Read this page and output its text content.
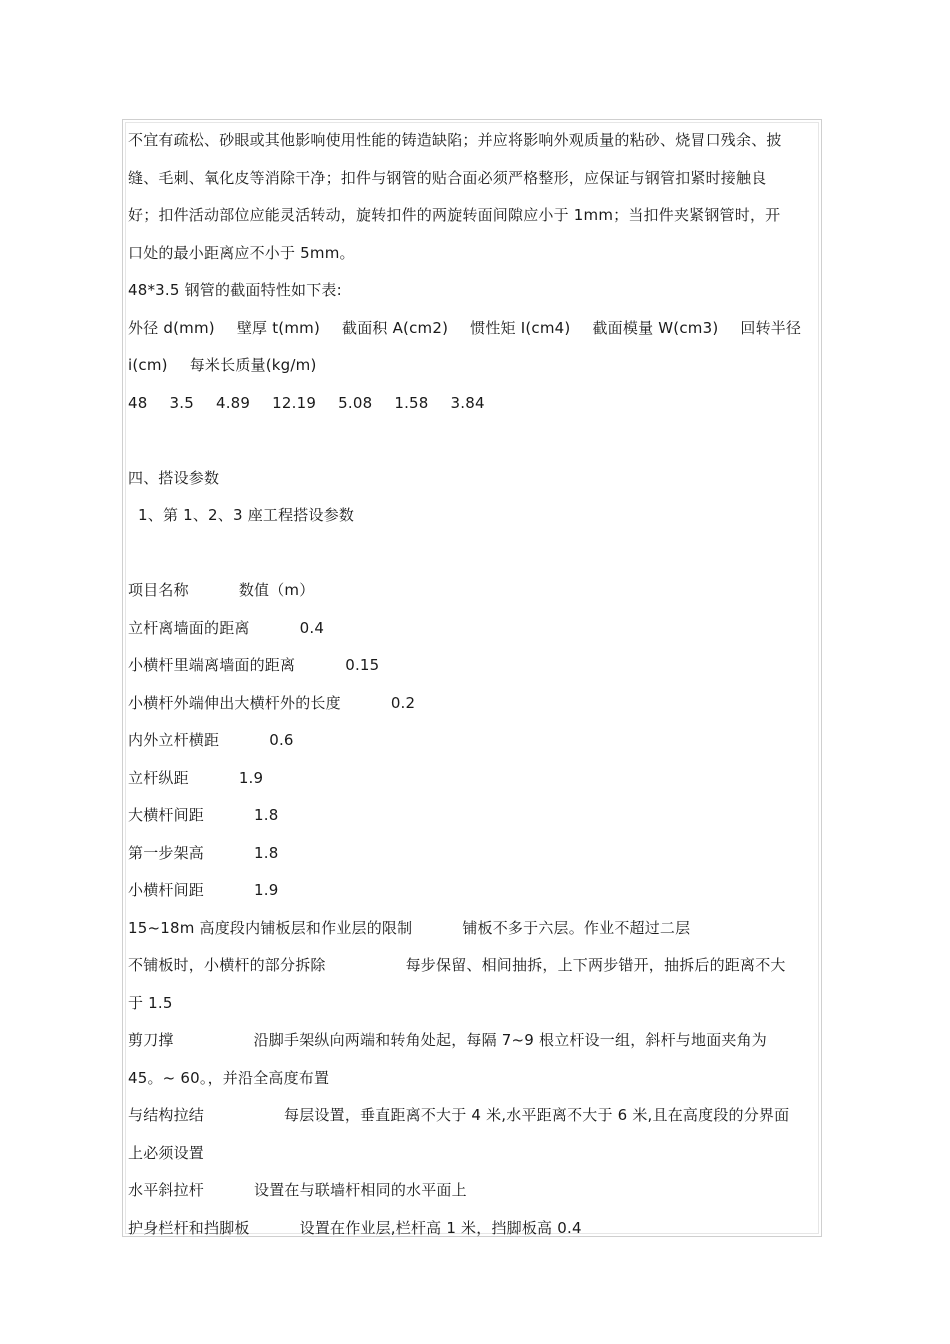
不宜有疏松、砂眼或其他影响使用性能的铸造缺陷；并应将影响外观质量的粘砂、烧冒口残余、披
缝、毛刺、氧化皮等消除干净；扣件与钢管的贴合面必须严格整形，应保证与钢管扣紧时接触良
好；扣件活动部位应能灵活转动，旋转扣件的两旋转面间隙应小于 1mm；当扣件夹紧钢管时，开
口处的最小距离应不小于 5mm。
48*3.5 钢管的截面特性如下表:
外径 d(mm) 壁厚 t(mm) 截面积 A(cm2) 惯性矩 I(cm4) 截面模量 W(cm3) 回转半径
i(cm) 每米长质量(kg/m)
48 3.5 4.89 12.19 5.08 1.58 3.84
四、搭设参数
1、第 1、2、3 座工程搭设参数
项目名称	数值（m）
立杆离墙面的距离	0.4
小横杆里端离墙面的距离	0.15
小横杆外端伸出大横杆外的长度	0.2
内外立杆横距	0.6
立杆纵距	1.9
大横杆间距	1.8
第一步架高	1.8
小横杆间距	1.9
15~18m 高度段内铺板层和作业层的限制	铺板不多于六层。作业不超过二层
不铺板时，小横杆的部分拆除	每步保留、相间抽拆，上下两步错开，抽拆后的距离不大
于 1.5
剪刀撑	沿脚手架纵向两端和转角处起，每隔 7~9 根立杆设一组，斜杆与地面夹角为
45。~ 60。，并沿全高度布置
与结构拉结	每层设置，垂直距离不大于 4 米,水平距离不大于 6 米,且在高度段的分界面
上必须设置
水平斜拉杆	设置在与联墙杆相同的水平面上
护身栏杆和挡脚板	设置在作业层,栏杆高 1 米，挡脚板高 0.4
